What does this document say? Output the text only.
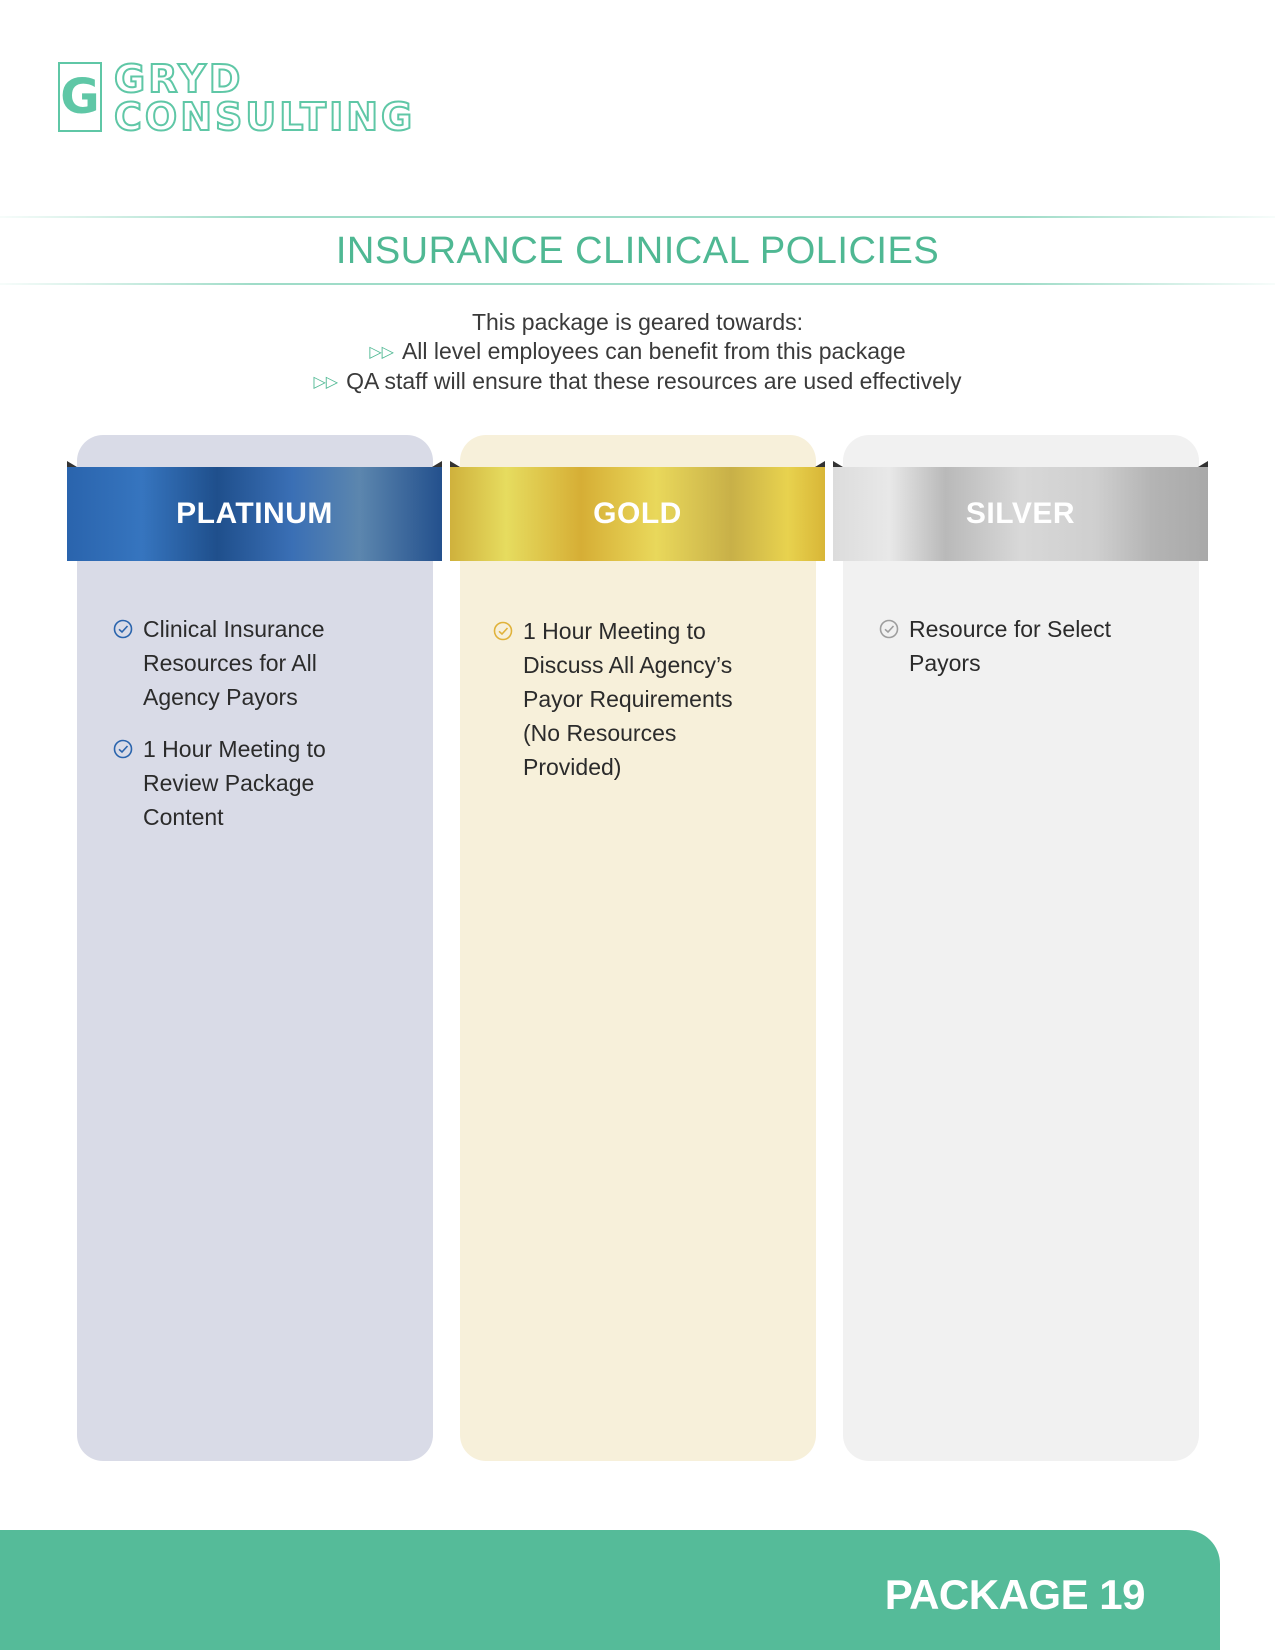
G GRYD
CONSULTING
INSURANCE CLINICAL POLICIES
This package is geared towards:
▷▷ All level employees can benefit from this package
▷▷ QA staff will ensure that these resources are used effectively
PLATINUM	GOLD	SILVER
Clinical Insurance Resources for All Agency Payors
1 Hour Meeting to Review Package Content
1 Hour Meeting to Discuss All Agency’s Payor Requirements (No Resources Provided)
Resource for Select Payors
PACKAGE 19
